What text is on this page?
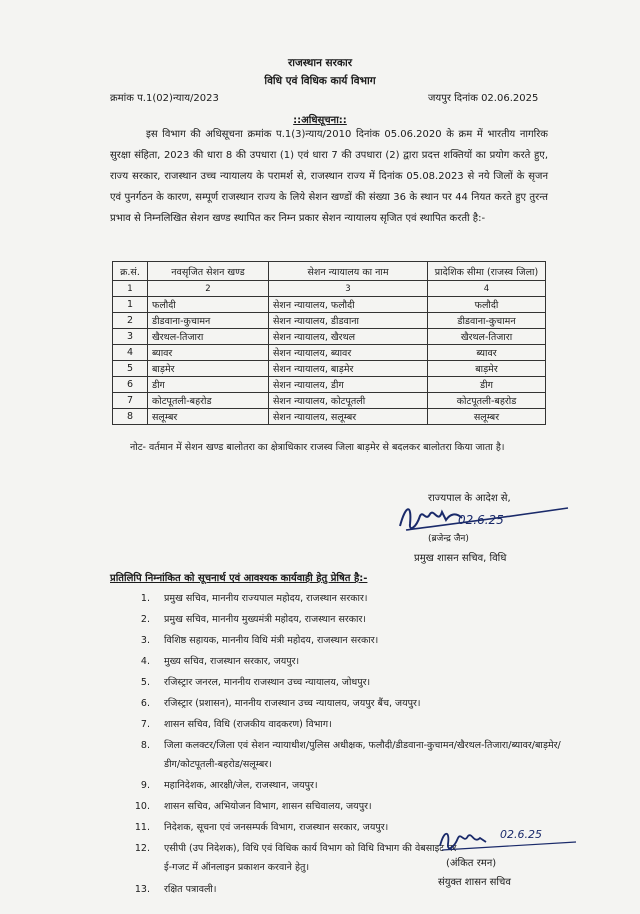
राजस्थान सरकार
विधि एवं विधिक कार्य विभाग
क्रमांक प.1(02)न्याय/2023	जयपुर दिनांक 02.06.2025
::अधिसूचना::
इस विभाग की अधिसूचना क्रमांक प.1(3)न्याय/2010 दिनांक 05.06.2020 के क्रम में भारतीय नागरिक सुरक्षा संहिता, 2023 की धारा 8 की उपधारा (1) एवं धारा 7 की उपधारा (2) द्वारा प्रदत्त शक्तियों का प्रयोग करते हुए, राज्य सरकार, राजस्थान उच्च न्यायालय के परामर्श से, राजस्थान राज्य में दिनांक 05.08.2023 से नये जिलों के सृजन एवं पुनर्गठन के कारण, सम्पूर्ण राजस्थान राज्य के लिये सेशन खण्डों की संख्या 36 के स्थान पर 44 नियत करते हुए तुरन्त प्रभाव से निम्नलिखित सेशन खण्ड स्थापित कर निम्न प्रकार सेशन न्यायालय सृजित एवं स्थापित करती है:-
क्र.सं.	नवसृजित सेशन खण्ड	सेशन न्यायालय का नाम	प्रादेशिक सीमा (राजस्व जिला)
1	2	3	4
1	फलौदी	सेशन न्यायालय, फलौदी	फलौदी
2	डीडवाना-कुचामन	सेशन न्यायालय, डीडवाना	डीडवाना-कुचामन
3	खैरथल-तिजारा	सेशन न्यायालय, खैरथल	खैरथल-तिजारा
4	ब्यावर	सेशन न्यायालय, ब्यावर	ब्यावर
5	बाड़मेर	सेशन न्यायालय, बाड़मेर	बाड़मेर
6	डीग	सेशन न्यायालय, डीग	डीग
7	कोटपूतली-बहरोड	सेशन न्यायालय, कोटपूतली	कोटपूतली-बहरोड
8	सलूम्बर	सेशन न्यायालय, सलूम्बर	सलूम्बर
नोट- वर्तमान में सेशन खण्ड बालोतरा का क्षेत्राधिकार राजस्व जिला बाड़मेर से बदलकर बालोतरा किया जाता है।
राज्यपाल के आदेश से,
02.6.25
(ब्रजेन्द्र जैन)
प्रमुख शासन सचिव, विधि
प्रतिलिपि निम्नांकित को सूचनार्थ एवं आवश्यक कार्यवाही हेतु प्रेषित है:-
1. प्रमुख सचिव, माननीय राज्यपाल महोदय, राजस्थान सरकार।
2. प्रमुख सचिव, माननीय मुख्यमंत्री महोदय, राजस्थान सरकार।
3. विशिष्ठ सहायक, माननीय विधि मंत्री महोदय, राजस्थान सरकार।
4. मुख्य सचिव, राजस्थान सरकार, जयपुर।
5. रजिस्ट्रार जनरल, माननीय राजस्थान उच्च न्यायालय, जोधपुर।
6. रजिस्ट्रार (प्रशासन), माननीय राजस्थान उच्च न्यायालय, जयपुर बैंच, जयपुर।
7. शासन सचिव, विधि (राजकीय वादकरण) विभाग।
8. जिला कलक्टर/जिला एवं सेशन न्यायाधीश/पुलिस अधीक्षक, फलौदी/डीडवाना-कुचामन/खैरथल-तिजारा/ब्यावर/बाड़मेर/डीग/कोटपूतली-बहरोड/सलूम्बर।
9. महानिदेशक, आरक्षी/जेल, राजस्थान, जयपुर।
10. शासन सचिव, अभियोजन विभाग, शासन सचिवालय, जयपुर।
11. निदेशक, सूचना एवं जनसम्पर्क विभाग, राजस्थान सरकार, जयपुर।
12. एसीपी (उप निदेशक), विधि एवं विधिक कार्य विभाग को विधि विभाग की वेबसाइट पर ई-गजट में ऑनलाइन प्रकाशन करवाने हेतु।
13. रक्षित पत्रावली।
02.6.25
(अंकित रमन)
संयुक्त शासन सचिव
